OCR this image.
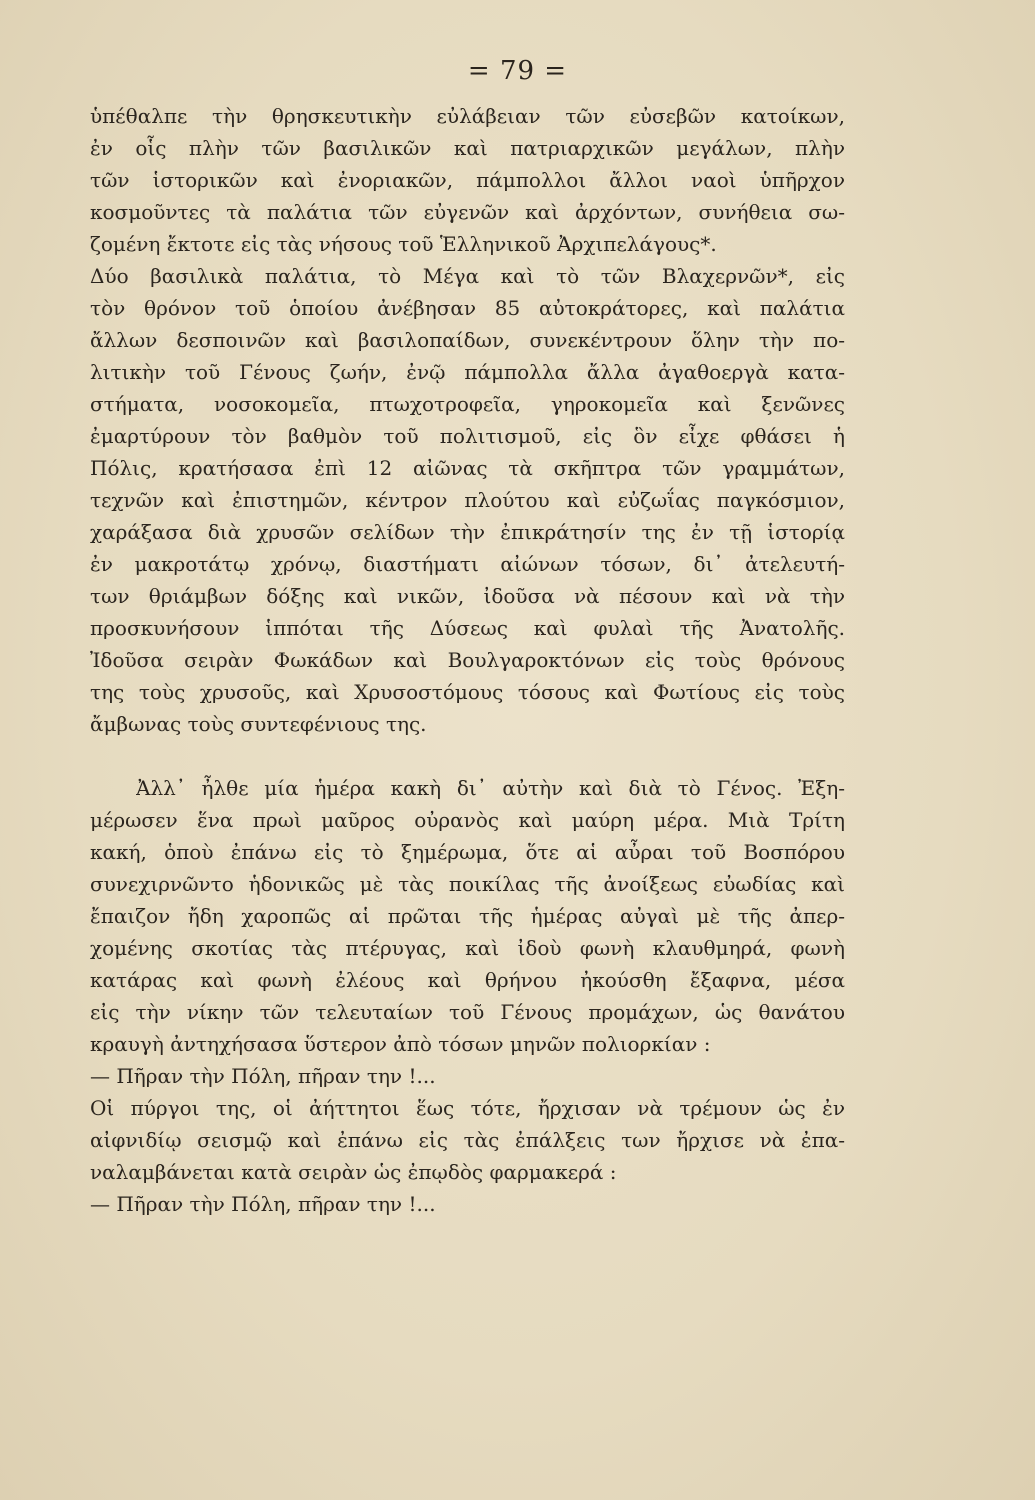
= 79 =
ὑπέθαλπε τὴν θρησκευτικὴν εὐλάβειαν τῶν εὐσεβῶν κατοίκων,
ἐν οἷς πλὴν τῶν βασιλικῶν καὶ πατριαρχικῶν μεγάλων, πλὴν
τῶν ἱστορικῶν καὶ ἐνοριακῶν, πάμπολλοι ἄλλοι ναοὶ ὑπῆρχον
κοσμοῦντες τὰ παλάτια τῶν εὐγενῶν καὶ ἀρχόντων, συνήθεια σω-
ζομένη ἔκτοτε εἰς τὰς νήσους τοῦ Ἑλληνικοῦ Ἀρχιπελάγους*.
Δύο βασιλικὰ παλάτια, τὸ Μέγα καὶ τὸ τῶν Βλαχερνῶν*, εἰς
τὸν θρόνον τοῦ ὁποίου ἀνέβησαν 85 αὐτοκράτορες, καὶ παλάτια
ἄλλων δεσποινῶν καὶ βασιλοπαίδων, συνεκέντρουν ὅλην τὴν πο-
λιτικὴν τοῦ Γένους ζωήν, ἐνῷ πάμπολλα ἄλλα ἀγαθοεργὰ κατα-
στήματα, νοσοκομεῖα, πτωχοτροφεῖα, γηροκομεῖα καὶ ξενῶνες
ἐμαρτύρουν τὸν βαθμὸν τοῦ πολιτισμοῦ, εἰς ὃν εἶχε φθάσει ἡ
Πόλις, κρατήσασα ἐπὶ 12 αἰῶνας τὰ σκῆπτρα τῶν γραμμάτων,
τεχνῶν καὶ ἐπιστημῶν, κέντρον πλούτου καὶ εὐζωΐας παγκόσμιον,
χαράξασα διὰ χρυσῶν σελίδων τὴν ἐπικράτησίν της ἐν τῇ ἱστορίᾳ
ἐν μακροτάτῳ χρόνῳ, διαστήματι αἰώνων τόσων, δι᾽ ἀτελευτή-
των θριάμβων δόξης καὶ νικῶν, ἰδοῦσα νὰ πέσουν καὶ νὰ τὴν
προσκυνήσουν ἱππόται τῆς Δύσεως καὶ φυλαὶ τῆς Ἀνατολῆς.
Ἰδοῦσα σειρὰν Φωκάδων καὶ Βουλγαροκτόνων εἰς τοὺς θρόνους
της τοὺς χρυσοῦς, καὶ Χρυσοστόμους τόσους καὶ Φωτίους εἰς τοὺς
ἄμβωνας τοὺς συντεφένιους της.
Ἀλλ᾽ ἦλθε μία ἡμέρα κακὴ δι᾽ αὐτὴν καὶ διὰ τὸ Γένος. Ἐξη-
μέρωσεν ἕνα πρωὶ μαῦρος οὐρανὸς καὶ μαύρη μέρα. Μιὰ Τρίτη
κακή, ὁποὺ ἐπάνω εἰς τὸ ξημέρωμα, ὅτε αἱ αὖραι τοῦ Βοσπόρου
συνεχιρνῶντο ἡδονικῶς μὲ τὰς ποικίλας τῆς ἀνοίξεως εὐωδίας καὶ
ἔπαιζον ἤδη χαροπῶς αἱ πρῶται τῆς ἡμέρας αὐγαὶ μὲ τῆς ἀπερ-
χομένης σκοτίας τὰς πτέρυγας, καὶ ἰδοὺ φωνὴ κλαυθμηρά, φωνὴ
κατάρας καὶ φωνὴ ἐλέους καὶ θρήνου ἠκούσθη ἔξαφνα, μέσα
εἰς τὴν νίκην τῶν τελευταίων τοῦ Γένους προμάχων, ὡς θανάτου
κραυγὴ ἀντηχήσασα ὕστερον ἀπὸ τόσων μηνῶν πολιορκίαν :
— Πῆραν τὴν Πόλη, πῆραν την !...
Οἱ πύργοι της, οἱ ἀήττητοι ἕως τότε, ἤρχισαν νὰ τρέμουν ὡς ἐν
αἰφνιδίῳ σεισμῷ καὶ ἐπάνω εἰς τὰς ἐπάλξεις των ἤρχισε νὰ ἐπα-
ναλαμβάνεται κατὰ σειρὰν ὡς ἐπῳδὸς φαρμακερά :
— Πῆραν τὴν Πόλη, πῆραν την !...
